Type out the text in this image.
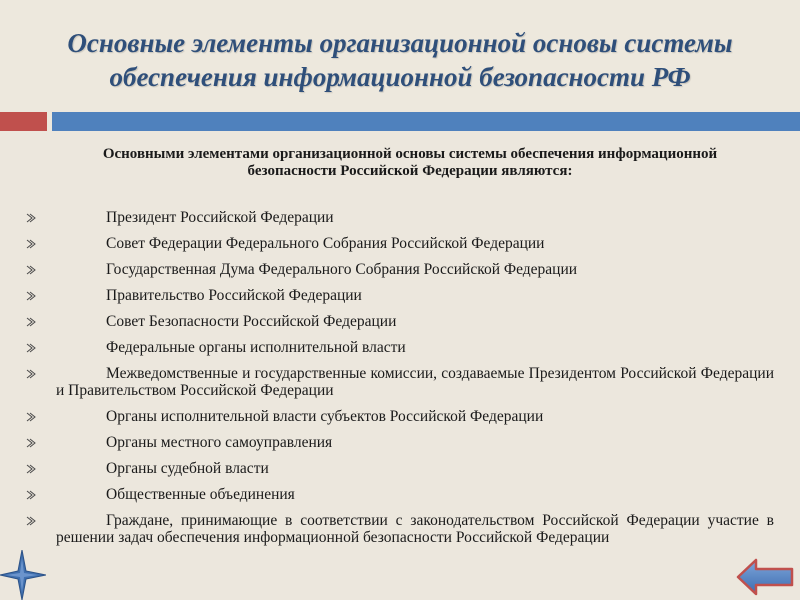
Основные элементы организационной основы системы обеспечения информационной безопасности РФ
Основными элементами организационной основы системы обеспечения информационной безопасности Российской Федерации являются:
Президент Российской Федерации
Совет Федерации Федерального Собрания Российской Федерации
Государственная Дума Федерального Собрания Российской Федерации
Правительство Российской Федерации
Совет Безопасности Российской Федерации
Федеральные органы исполнительной власти
Межведомственные и государственные комиссии, создаваемые Президентом Российской Федерации и Правительством Российской Федерации
Органы исполнительной власти субъектов Российской Федерации
Органы местного самоуправления
Органы судебной власти
Общественные объединения
Граждане, принимающие в соответствии с законодательством Российской Федерации участие в решении задач обеспечения информационной безопасности Российской Федерации
